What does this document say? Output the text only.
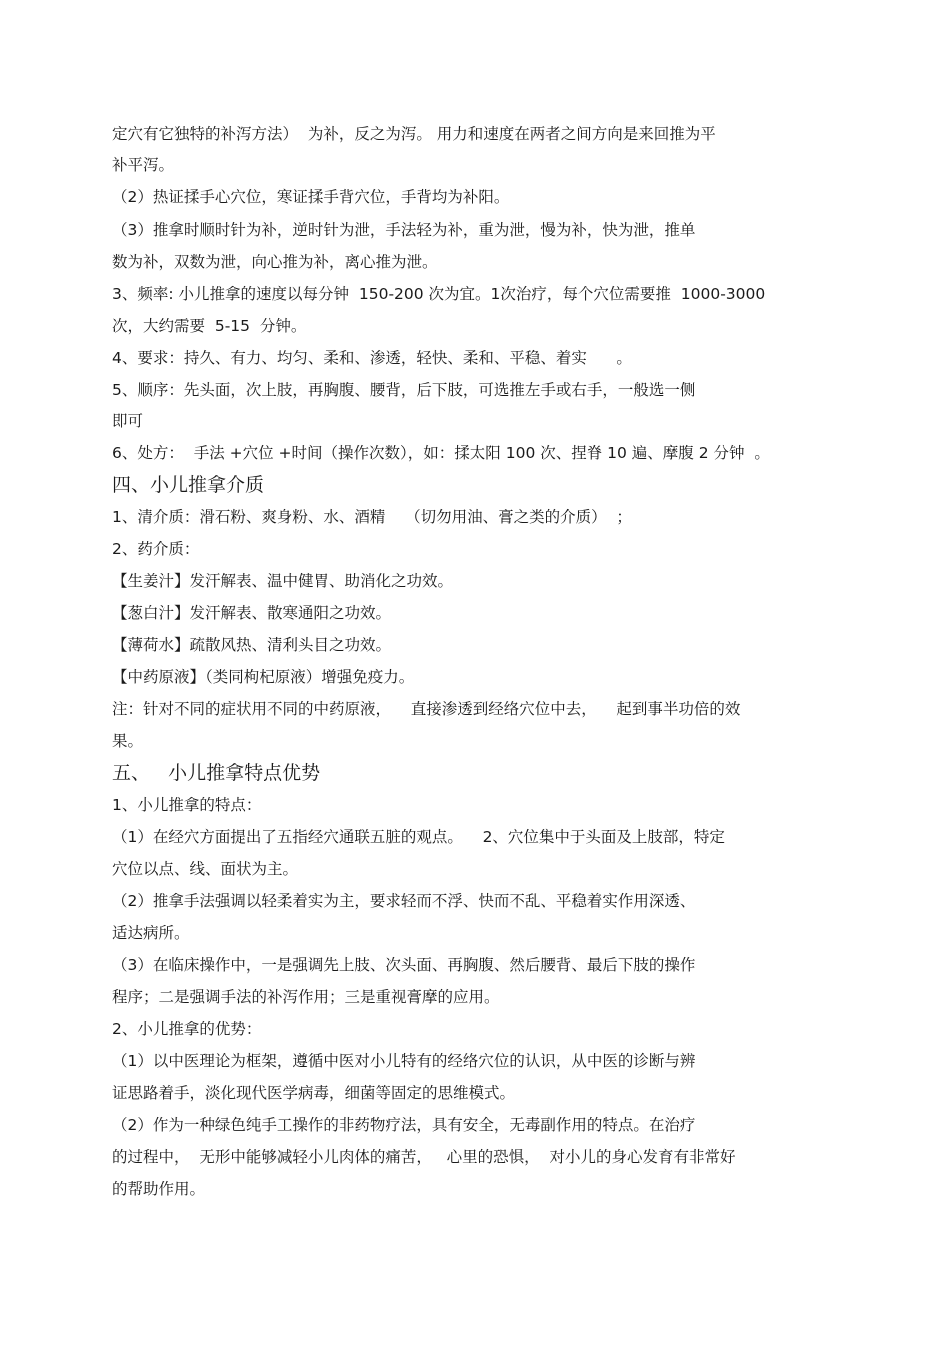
定穴有它独特的补泻方法）  为补，反之为泻。 用力和速度在两者之间方向是来回推为平

补平泻。

（2）热证揉手心穴位，寒证揉手背穴位，手背均为补阳。

（3）推拿时顺时针为补，逆时针为泄，手法轻为补，重为泄，慢为补，快为泄，推单

数为补，双数为泄，向心推为补，离心推为泄。

3、频率: 小儿推拿的速度以每分钟  150-200 次为宜。1次治疗，每个穴位需要推  1000-3000

次，大约需要  5-15  分钟。

4、要求：持久、有力、均匀、柔和、渗透，轻快、柔和、平稳、着实      。

5、顺序：先头面，次上肢，再胸腹、腰背，后下肢，可选推左手或右手，一般选一侧

即可

6、处方：  手法 +穴位 +时间（操作次数），如：揉太阳 100 次、捏脊 10 遍、摩腹 2 分钟  。

四、小儿推拿介质

1、清介质：滑石粉、爽身粉、水、酒精    （切勿用油、膏之类的介质）  ；

2、药介质：

【生姜汁】发汗解表、温中健胃、助消化之功效。

【葱白汁】发汗解表、散寒通阳之功效。

【薄荷水】疏散风热、清利头目之功效。

【中药原液】（类同枸杞原液）增强免疫力。

注：针对不同的症状用不同的中药原液，    直接渗透到经络穴位中去，    起到事半功倍的效

果。

五、   小儿推拿特点优势

1、小儿推拿的特点：

（1）在经穴方面提出了五指经穴通联五脏的观点。    2、穴位集中于头面及上肢部，特定

穴位以点、线、面状为主。

（2）推拿手法强调以轻柔着实为主，要求轻而不浮、快而不乱、平稳着实作用深透、

适达病所。

（3）在临床操作中，一是强调先上肢、次头面、再胸腹、然后腰背、最后下肢的操作

程序；二是强调手法的补泻作用；三是重视膏摩的应用。

2、小儿推拿的优势：

（1）以中医理论为框架，遵循中医对小儿特有的经络穴位的认识，从中医的诊断与辨

证思路着手，淡化现代医学病毒，细菌等固定的思维模式。

（2）作为一种绿色纯手工操作的非药物疗法，具有安全，无毒副作用的特点。在治疗

的过程中，  无形中能够减轻小儿肉体的痛苦，   心里的恐惧，  对小儿的身心发育有非常好

的帮助作用。
